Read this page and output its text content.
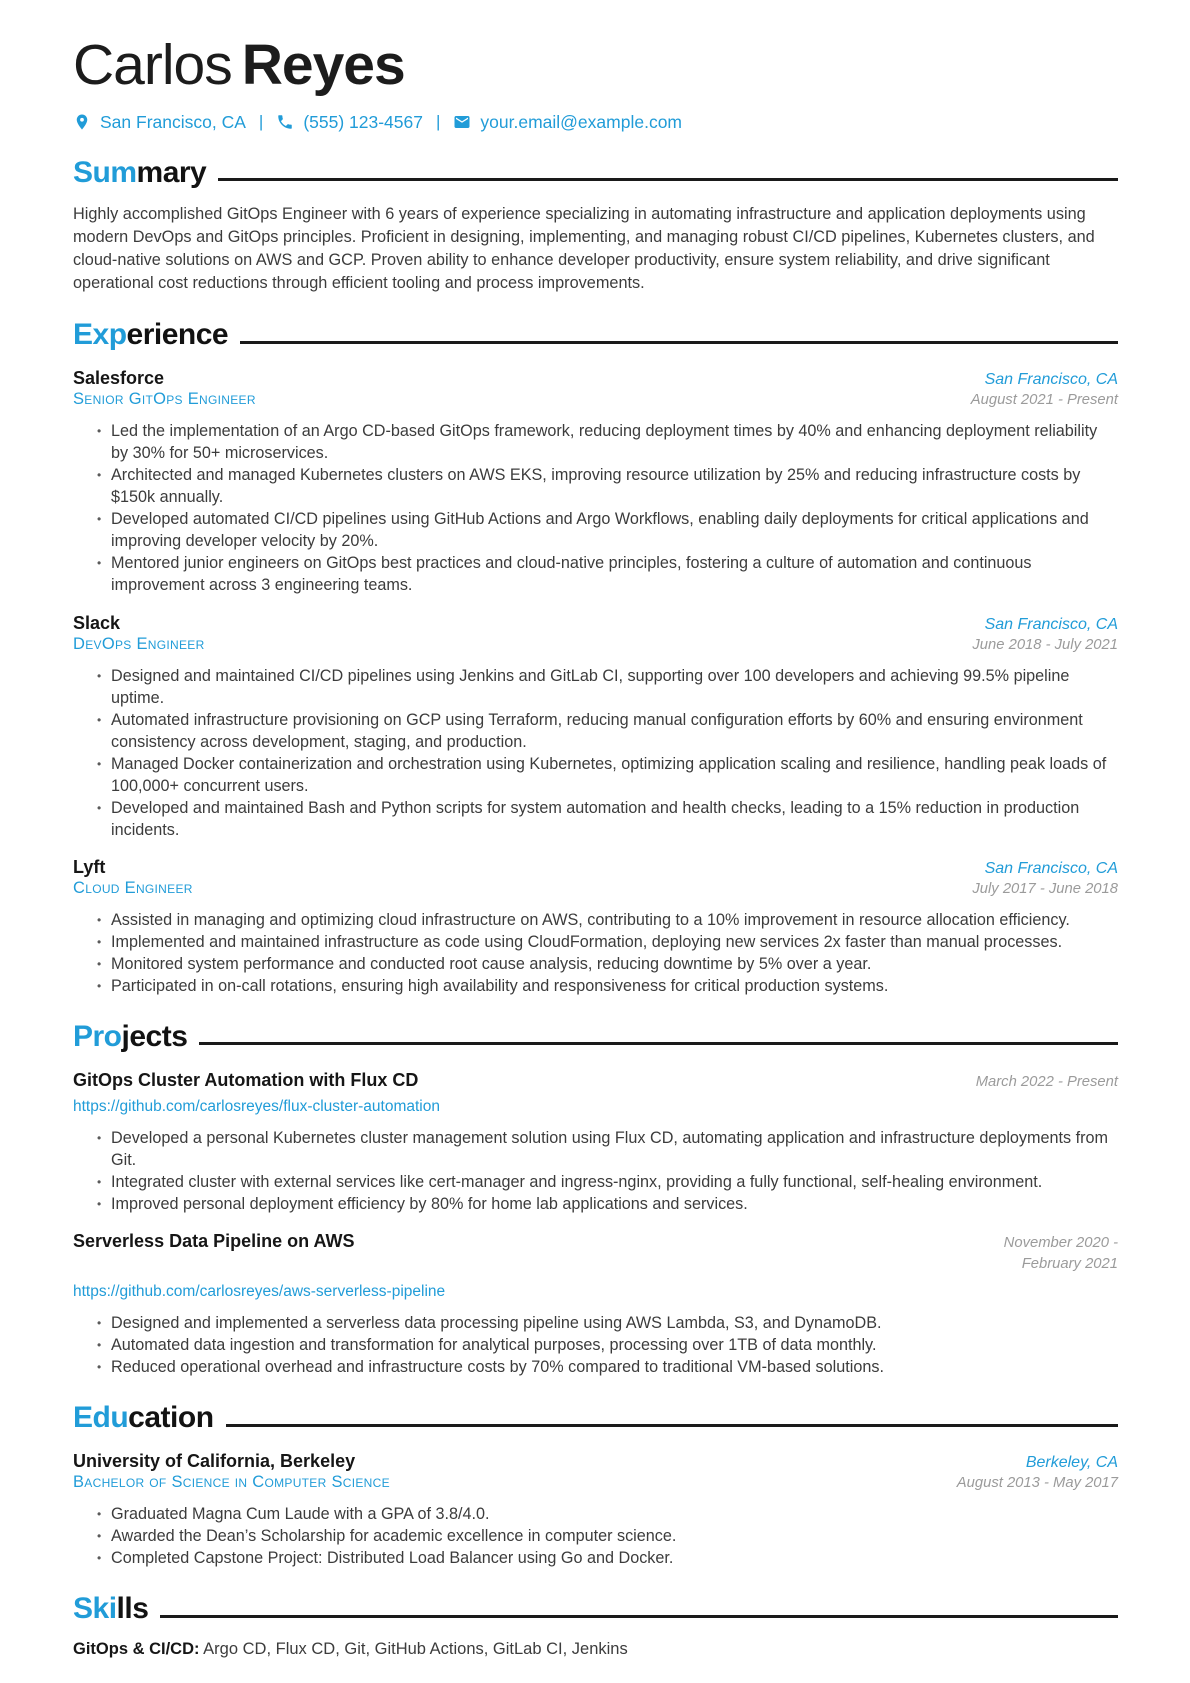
Carlos Reyes
San Francisco, CA | (555) 123-4567 | your.email@example.com
Summary

Highly accomplished GitOps Engineer with 6 years of experience specializing in automating infrastructure and application deployments using modern DevOps and GitOps principles. Proficient in designing, implementing, and managing robust CI/CD pipelines, Kubernetes clusters, and cloud-native solutions on AWS and GCP. Proven ability to enhance developer productivity, ensure system reliability, and drive significant operational cost reductions through efficient tooling and process improvements.

Experience
Salesforce	San Francisco, CA
Senior GitOps Engineer	August 2021 - Present
• Led the implementation of an Argo CD-based GitOps framework, reducing deployment times by 40% and enhancing deployment reliability by 30% for 50+ microservices.
• Architected and managed Kubernetes clusters on AWS EKS, improving resource utilization by 25% and reducing infrastructure costs by $150k annually.
• Developed automated CI/CD pipelines using GitHub Actions and Argo Workflows, enabling daily deployments for critical applications and improving developer velocity by 20%.
• Mentored junior engineers on GitOps best practices and cloud-native principles, fostering a culture of automation and continuous improvement across 3 engineering teams.
Slack	San Francisco, CA
DevOps Engineer	June 2018 - July 2021
• Designed and maintained CI/CD pipelines using Jenkins and GitLab CI, supporting over 100 developers and achieving 99.5% pipeline uptime.
• Automated infrastructure provisioning on GCP using Terraform, reducing manual configuration efforts by 60% and ensuring environment consistency across development, staging, and production.
• Managed Docker containerization and orchestration using Kubernetes, optimizing application scaling and resilience, handling peak loads of 100,000+ concurrent users.
• Developed and maintained Bash and Python scripts for system automation and health checks, leading to a 15% reduction in production incidents.
Lyft	San Francisco, CA
Cloud Engineer	July 2017 - June 2018
• Assisted in managing and optimizing cloud infrastructure on AWS, contributing to a 10% improvement in resource allocation efficiency.
• Implemented and maintained infrastructure as code using CloudFormation, deploying new services 2x faster than manual processes.
• Monitored system performance and conducted root cause analysis, reducing downtime by 5% over a year.
• Participated in on-call rotations, ensuring high availability and responsiveness for critical production systems.
Projects
GitOps Cluster Automation with Flux CD	March 2022 - Present
https://github.com/carlosreyes/flux-cluster-automation
• Developed a personal Kubernetes cluster management solution using Flux CD, automating application and infrastructure deployments from Git.
• Integrated cluster with external services like cert-manager and ingress-nginx, providing a fully functional, self-healing environment.
• Improved personal deployment efficiency by 80% for home lab applications and services.
Serverless Data Pipeline on AWS	November 2020 - February 2021
https://github.com/carlosreyes/aws-serverless-pipeline
• Designed and implemented a serverless data processing pipeline using AWS Lambda, S3, and DynamoDB.
• Automated data ingestion and transformation for analytical purposes, processing over 1TB of data monthly.
• Reduced operational overhead and infrastructure costs by 70% compared to traditional VM-based solutions.
Education
University of California, Berkeley	Berkeley, CA
Bachelor of Science in Computer Science	August 2013 - May 2017
• Graduated Magna Cum Laude with a GPA of 3.8/4.0.
• Awarded the Dean’s Scholarship for academic excellence in computer science.
• Completed Capstone Project: Distributed Load Balancer using Go and Docker.
Skills
GitOps & CI/CD: Argo CD, Flux CD, Git, GitHub Actions, GitLab CI, Jenkins
